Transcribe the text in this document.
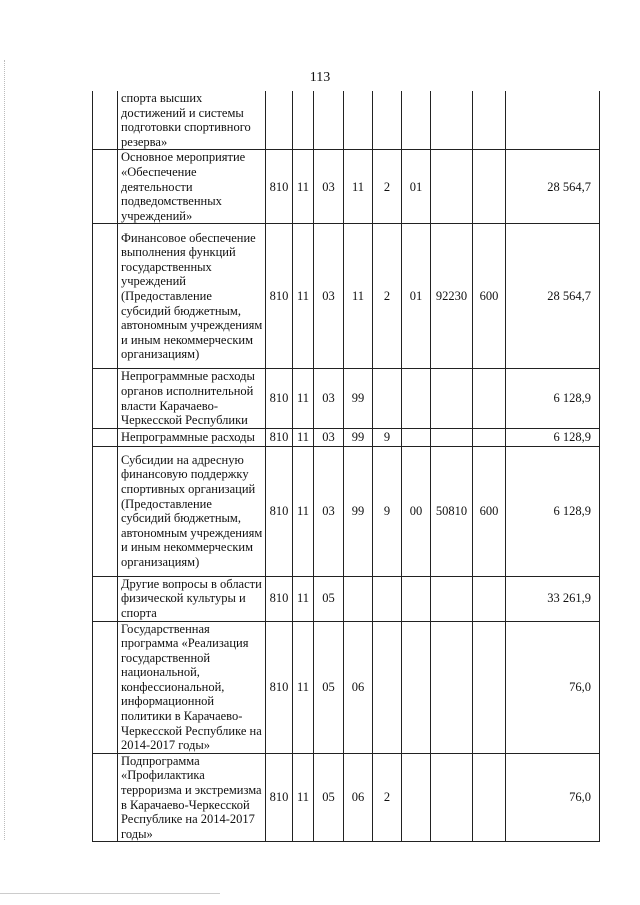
113
	спорта высших достижений и системы подготовки спортивного резерва»									
	Основное мероприятие «Обеспечение деятельности подведомственных учреждений»	810	11	03	11	2	01			28 564,7
	Финансовое обеспечение выполнения функций государственных учреждений (Предоставление субсидий бюджетным, автономным учреждениям и иным некоммерческим организациям)	810	11	03	11	2	01	92230	600	28 564,7
	Непрограммные расходы органов исполнительной власти Карачаево-Черкесской Республики	810	11	03	99					6 128,9
	Непрограммные расходы	810	11	03	99	9				6 128,9
	Субсидии на адресную финансовую поддержку спортивных организаций (Предоставление субсидий бюджетным, автономным учреждениям и иным некоммерческим организациям)	810	11	03	99	9	00	50810	600	6 128,9
	Другие вопросы в области физической культуры и спорта	810	11	05						33 261,9
	Государственная программа «Реализация государственной национальной, конфессиональной, информационной политики в Карачаево-Черкесской Республике на 2014-2017 годы»	810	11	05	06					76,0
	Подпрограмма «Профилактика терроризма и экстремизма в Карачаево-Черкесской Республике на 2014-2017 годы»	810	11	05	06	2				76,0
